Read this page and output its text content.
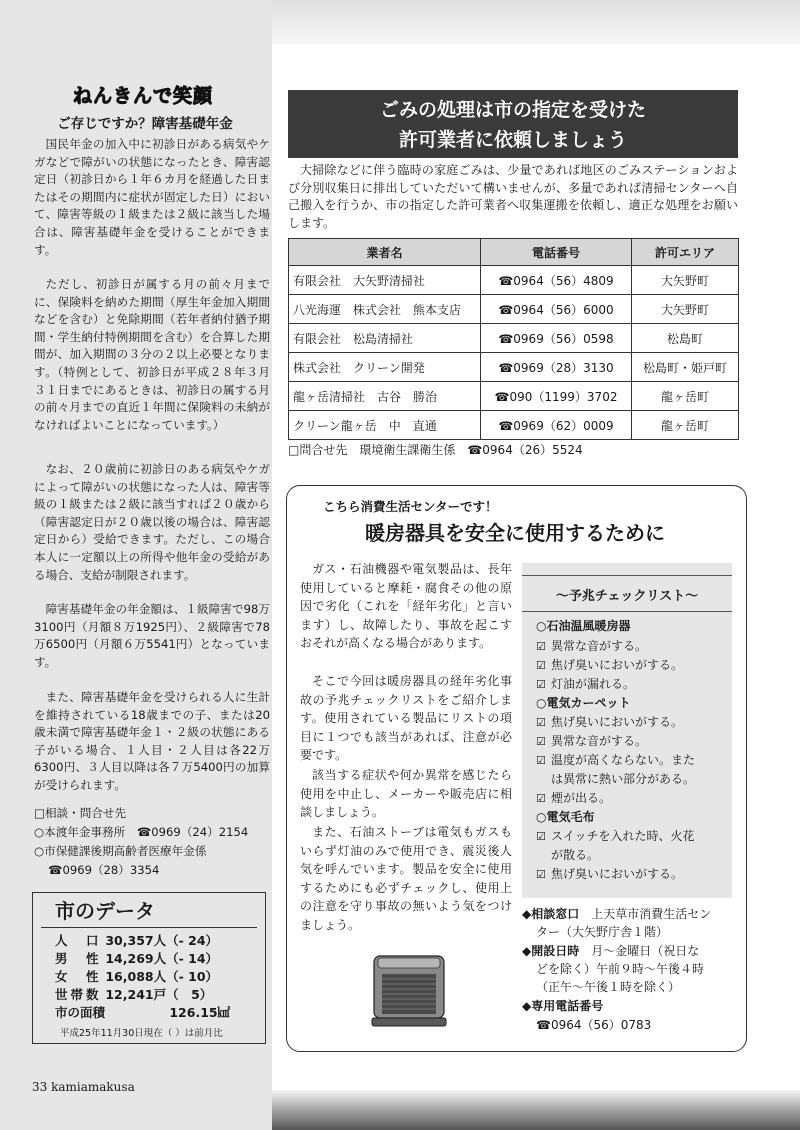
ねんきんで笑顔
ご存じですか？障害基礎年金

国民年金の加入中に初診日がある病気やケガなどで障がいの状態になったとき、障害認定日（初診日から１年６カ月を経過した日またはその期間内に症状が固定した日）において、障害等級の１級または２級に該当した場合は、障害基礎年金を受けることができます。

ただし、初診日が属する月の前々月までに、保険料を納めた期間（厚生年金加入期間などを含む）と免除期間（若年者納付猶予期間・学生納付特例期間を含む）を合算した期間が、加入期間の３分の２以上必要となります。（特例として、初診日が平成２８年３月３１日までにあるときは、初診日の属する月の前々月までの直近１年間に保険料の未納がなければよいことになっています。）

なお、２０歳前に初診日のある病気やケガによって障がいの状態になった人は、障害等級の１級または２級に該当すれば２０歳から（障害認定日が２０歳以後の場合は、障害認定日から）受給できます。ただし、この場合本人に一定額以上の所得や他年金の受給がある場合、支給が制限されます。

障害基礎年金の年金額は、１級障害で98万3100円（月額８万1925円）、２級障害で78万6500円（月額６万5541円）となっています。

また、障害基礎年金を受けられる人に生計を維持されている18歳までの子、または20歳未満で障害基礎年金１・２級の状態にある子がいる場合、１人目・２人目は各22万6300円、３人目以降は各７万5400円の加算が受けられます。

□相談・問合せ先
○本渡年金事務所　☎0969（24）2154
○市保健課後期高齢者医療年金係
☎0969（28）3354
市のデータ
人　口 30,357人（- 24）
男　性 14,269人（- 14）
女　性 16,088人（- 10）
世帯数 12,241戸（　5）
市の面積	126.15㎢
平成25年11月30日現在（ ）は前月比
33 kamiamakusa
ごみの処理は市の指定を受けた
許可業者に依頼しましょう

大掃除などに伴う臨時の家庭ごみは、少量であれば地区のごみステーションおよび分別収集日に排出していただいて構いませんが、多量であれば清掃センターへ自己搬入を行うか、市の指定した許可業者へ収集運搬を依頼し、適正な処理をお願いします。

業者名	電話番号	許可エリア
有限会社　大矢野清掃社	☎0964（56）4809	大矢野町
八光海運　株式会社　熊本支店	☎0964（56）6000	大矢野町
有限会社　松島清掃社	☎0969（56）0598	松島町
株式会社　クリーン開発	☎0969（28）3130	松島町・姫戸町
龍ヶ岳清掃社　古谷　勝治	☎090（1199）3702	龍ヶ岳町
クリーン龍ヶ岳　中　直通	☎0969（62）0009	龍ヶ岳町
□問合せ先　環境衛生課衛生係　☎0964（26）5524
こちら消費生活センターです！
暖房器具を安全に使用するために

ガス・石油機器や電気製品は、長年使用していると摩耗・腐食その他の原因で劣化（これを「経年劣化」と言います）し、故障したり、事故を起こすおそれが高くなる場合があります。

そこで今回は暖房器具の経年劣化事故の予兆チェックリストをご紹介します。使用されている製品にリストの項目に１つでも該当があれば、注意が必要です。

該当する症状や何か異常を感じたら使用を中止し、メーカーや販売店に相談しましょう。

また、石油ストーブは電気もガスもいらず灯油のみで使用でき、震災後人気を呼んでいます。製品を安全に使用するためにも必ずチェックし、使用上の注意を守り事故の無いよう気をつけましょう。

～予兆チェックリスト～
○石油温風暖房器
☑ 異常な音がする。
☑ 焦げ臭いにおいがする。
☑ 灯油が漏れる。
○電気カーペット
☑ 焦げ臭いにおいがする。
☑ 異常な音がする。
☑ 温度が高くならない。また
は異常に熱い部分がある。
☑ 煙が出る。
○電気毛布
☑ スイッチを入れた時、火花
が散る。
☑ 焦げ臭いにおいがする。
◆相談窓口　 上天草市消費生活セン
ター（大矢野庁舎１階）
◆開設日時　 月～金曜日（祝日な
どを除く）午前９時～午後４時
（正午～午後１時を除く）
◆専用電話番号
☎0964（56）0783
